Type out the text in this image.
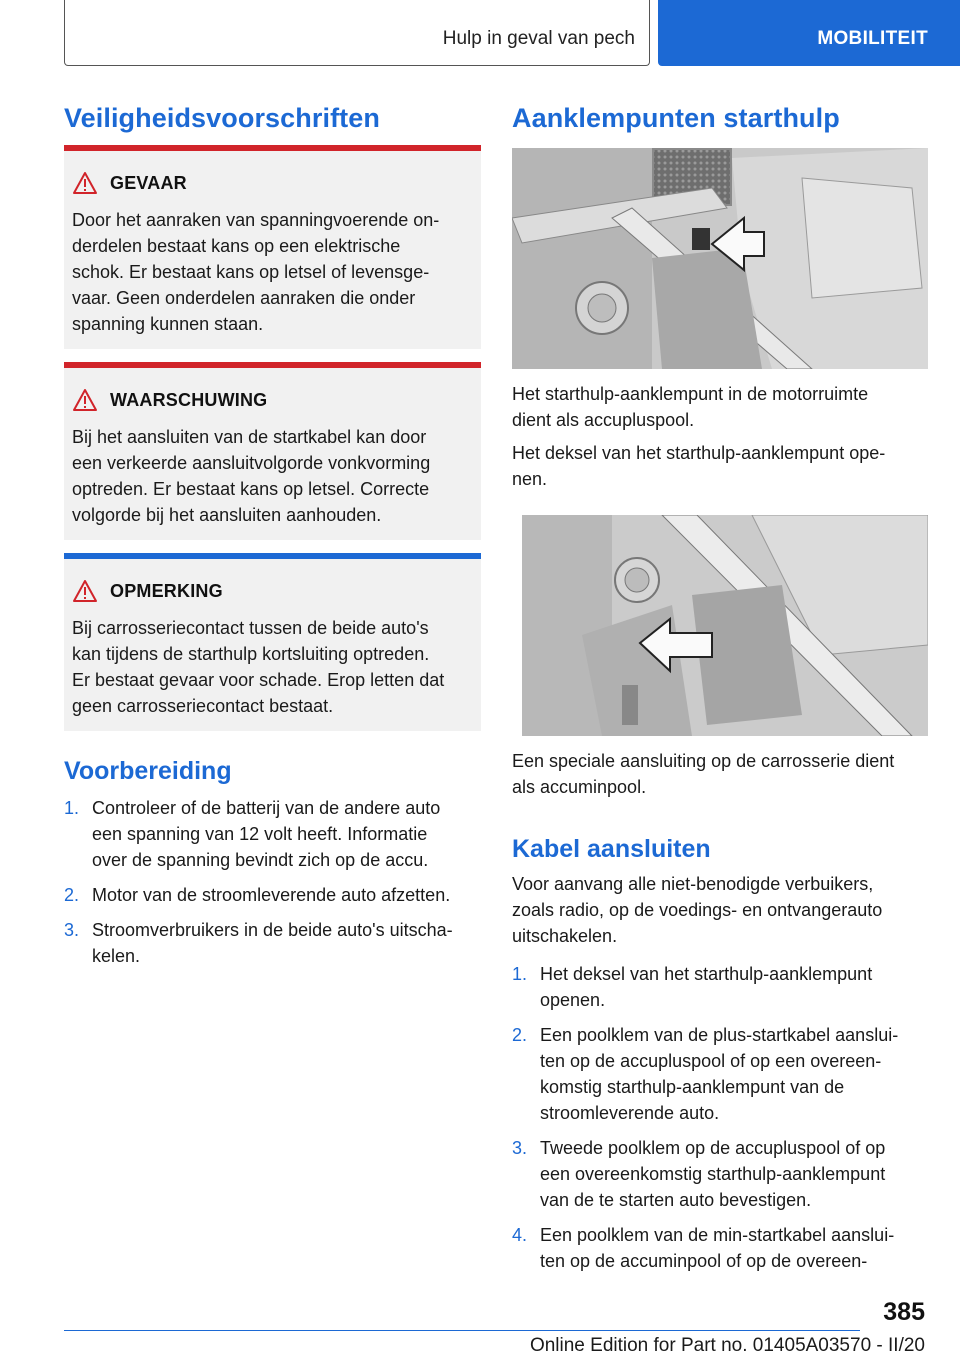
Hulp in geval van pech	MOBILITEIT
Veiligheidsvoorschriften
GEVAAR
Door het aanraken van spanningvoerende on-
derdelen bestaat kans op een elektrische
schok. Er bestaat kans op letsel of levensge-
vaar. Geen onderdelen aanraken die onder
spanning kunnen staan.
WAARSCHUWING
Bij het aansluiten van de startkabel kan door
een verkeerde aansluitvolgorde vonkvorming
optreden. Er bestaat kans op letsel. Correcte
volgorde bij het aansluiten aanhouden.
OPMERKING
Bij carrosseriecontact tussen de beide auto's
kan tijdens de starthulp kortsluiting optreden.
Er bestaat gevaar voor schade. Erop letten dat
geen carrosseriecontact bestaat.
Voorbereiding
1. Controleer of de batterij van de andere auto
een spanning van 12 volt heeft. Informatie
over de spanning bevindt zich op de accu.
2. Motor van de stroomleverende auto afzetten.
3. Stroomverbruikers in de beide auto's uitscha-
kelen.
Aanklempunten starthulp
Het starthulp-aanklempunt in de motorruimte
dient als accupluspool.
Het deksel van het starthulp-aanklempunt ope-
nen.
Een speciale aansluiting op de carrosserie dient
als accuminpool.
Kabel aansluiten
Voor aanvang alle niet-benodigde verbuikers,
zoals radio, op de voedings- en ontvangerauto
uitschakelen.
1. Het deksel van het starthulp-aanklempunt
openen.
2. Een poolklem van de plus-startkabel aanslui-
ten op de accupluspool of op een overeen-
komstig starthulp-aanklempunt van de
stroomleverende auto.
3. Tweede poolklem op de accupluspool of op
een overeenkomstig starthulp-aanklempunt
van de te starten auto bevestigen.
4. Een poolklem van de min-startkabel aanslui-
ten op de accuminpool of op de overeen-
385
Online Edition for Part no. 01405A03570 - II/20
